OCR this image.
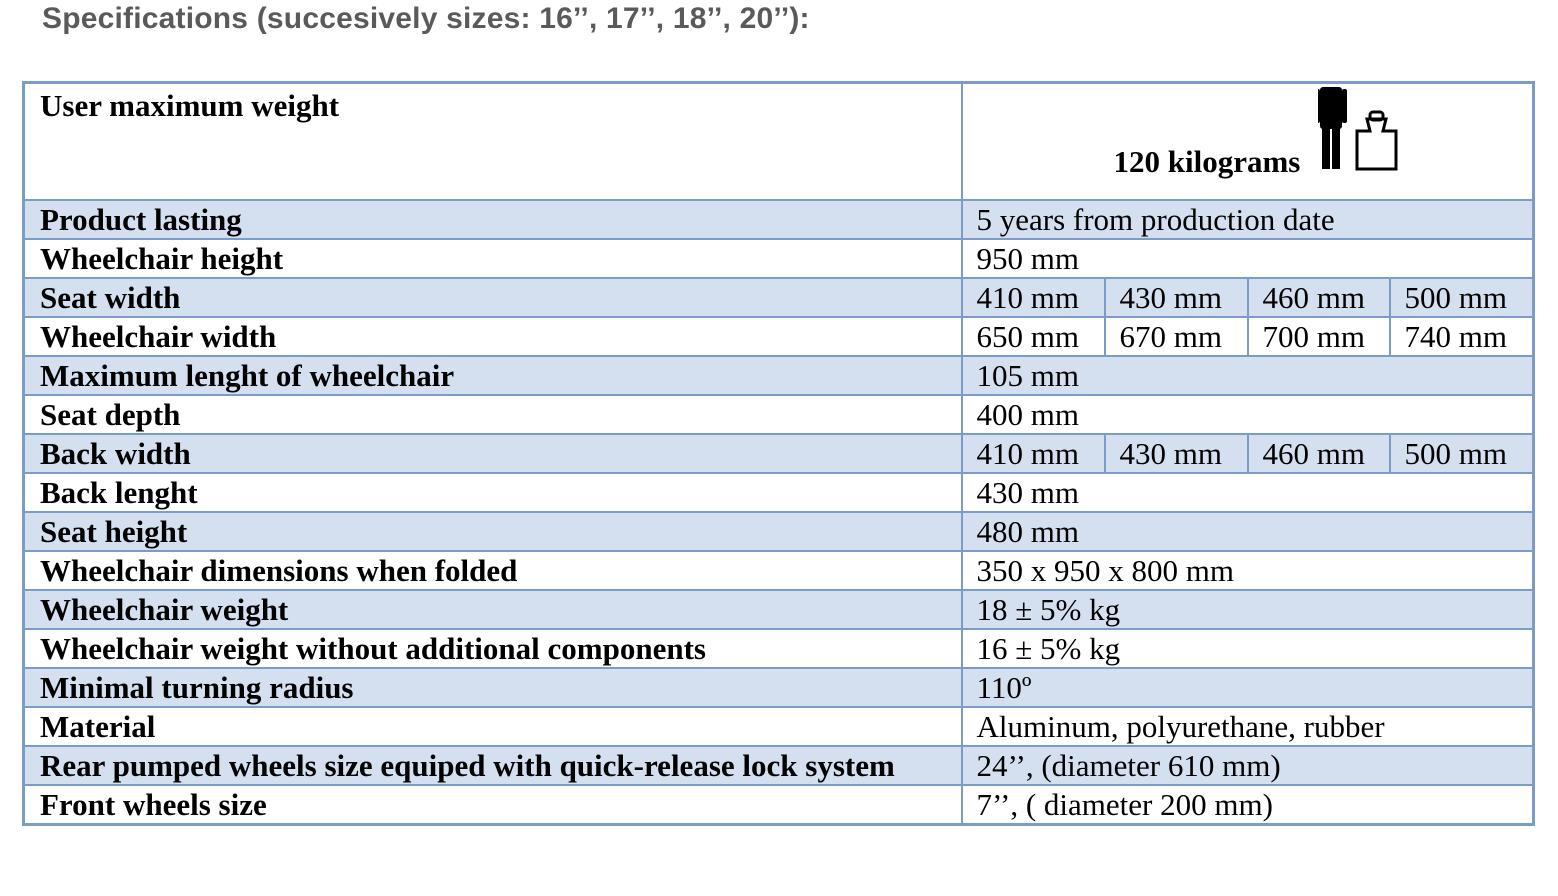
Specifications (succesively sizes: 16’’, 17’’, 18’’, 20’’):
User maximum weight	120 kilograms			

Product lasting	5 years from production date			
Wheelchair height	950 mm			
Seat width	410 mm	430 mm	460 mm	500 mm
Wheelchair width	650 mm	670 mm	700 mm	740 mm
Maximum lenght of wheelchair	105 mm			
Seat depth	400 mm			
Back width	410 mm	430 mm	460 mm	500 mm
Back lenght	430 mm			
Seat height	480 mm			
Wheelchair dimensions when folded	350 x 950 x 800 mm			
Wheelchair weight	18 ± 5% kg			
Wheelchair weight without additional components	16 ± 5% kg			
Minimal turning radius	110º			
Material	Aluminum, polyurethane, rubber			
Rear pumped wheels size equiped with quick-release lock system	24’’, (diameter 610 mm)			
Front wheels size	7’’, ( diameter 200 mm)			
